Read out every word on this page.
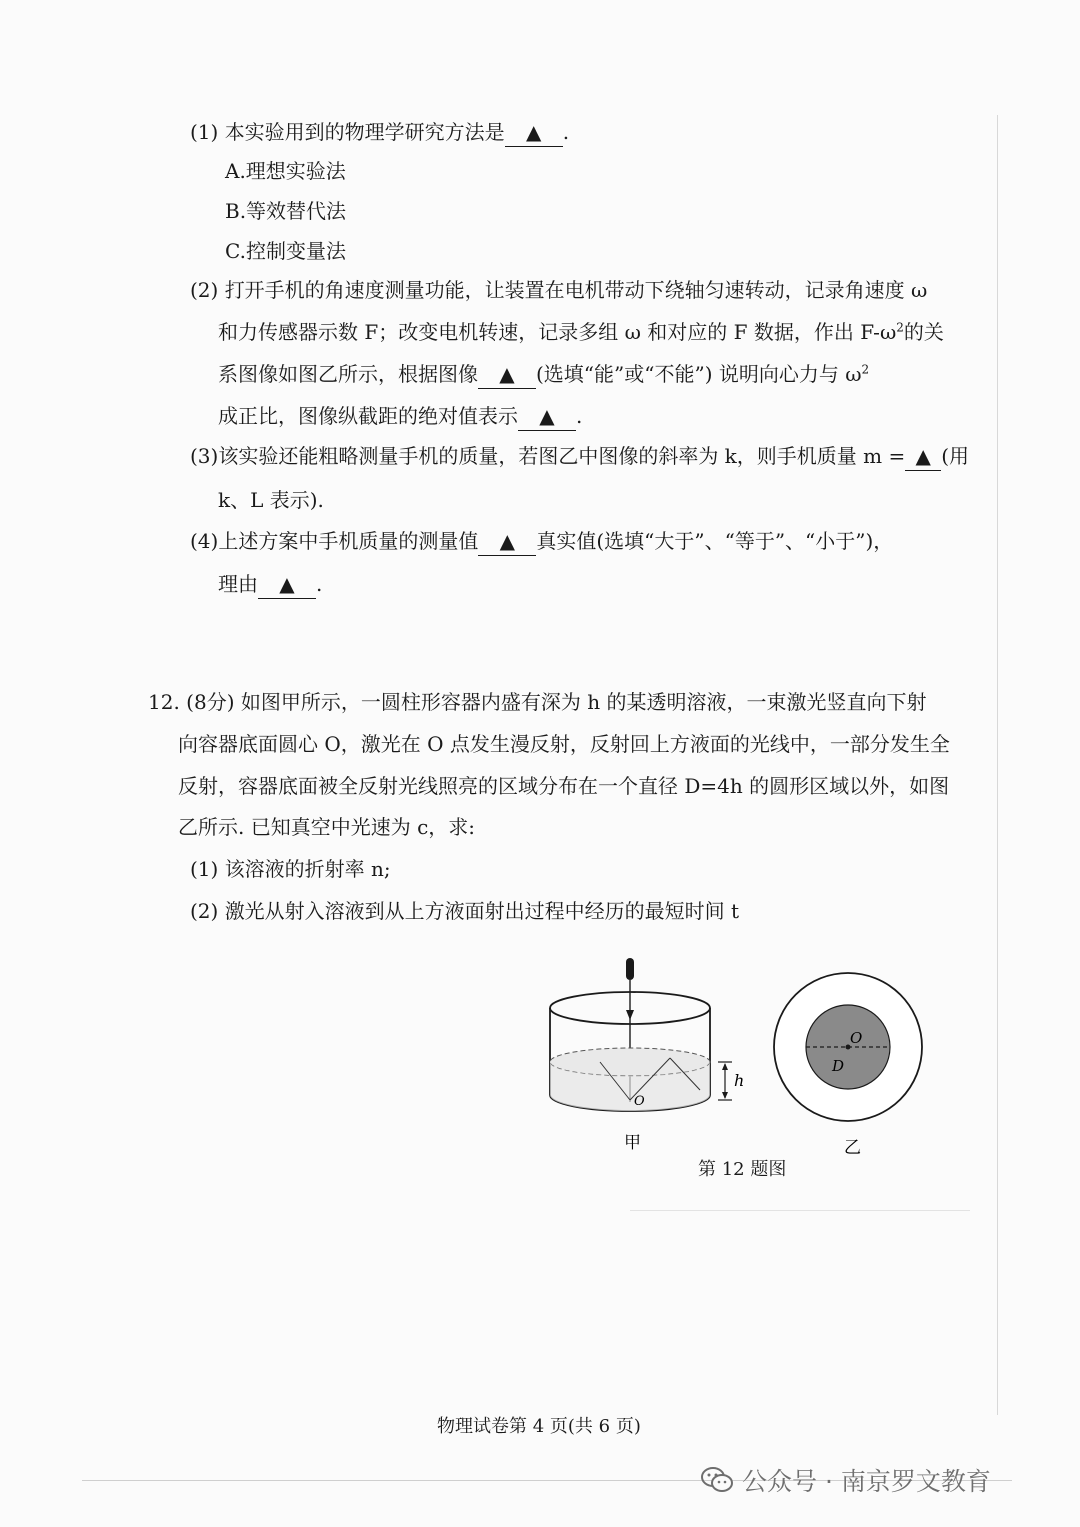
(1) 本实验用到的物理学研究方法是 ▲ .
A.理想实验法
B.等效替代法
C.控制变量法
(2) 打开手机的角速度测量功能，让装置在电机带动下绕轴匀速转动，记录角速度 ω
和力传感器示数 F；改变电机转速，记录多组 ω 和对应的 F 数据，作出 $F-\omega^2$的关
系图像如图乙所示，根据图像 ▲ (选填“能”或“不能”) 说明向心力与 $\omega^2$
成正比，图像纵截距的绝对值表示 ▲ .
(3)该实验还能粗略测量手机的质量，若图乙中图像的斜率为 k，则手机质量 m = ▲ (用
k、L 表示).
(4)上述方案中手机质量的测量值 ▲ 真实值(选填“大于”、“等于”、“小于”)，
理由 ▲ .
12. (8分) 如图甲所示，一圆柱形容器内盛有深为 h 的某透明溶液，一束激光竖直向下射
向容器底面圆心 O，激光在 O 点发生漫反射，反射回上方液面的光线中，一部分发生全
反射，容器底面被全反射光线照亮的区域分布在一个直径 D=4h 的圆形区域以外，如图
乙所示. 已知真空中光速为 c，求:
(1) 该溶液的折射率 n;
(2) 激光从射入溶液到从上方液面射出过程中经历的最短时间 t
h
O
甲
O
D
乙
第 12 题图
物理试卷第 4 页(共 6 页)
公众号 · 南京罗文教育
